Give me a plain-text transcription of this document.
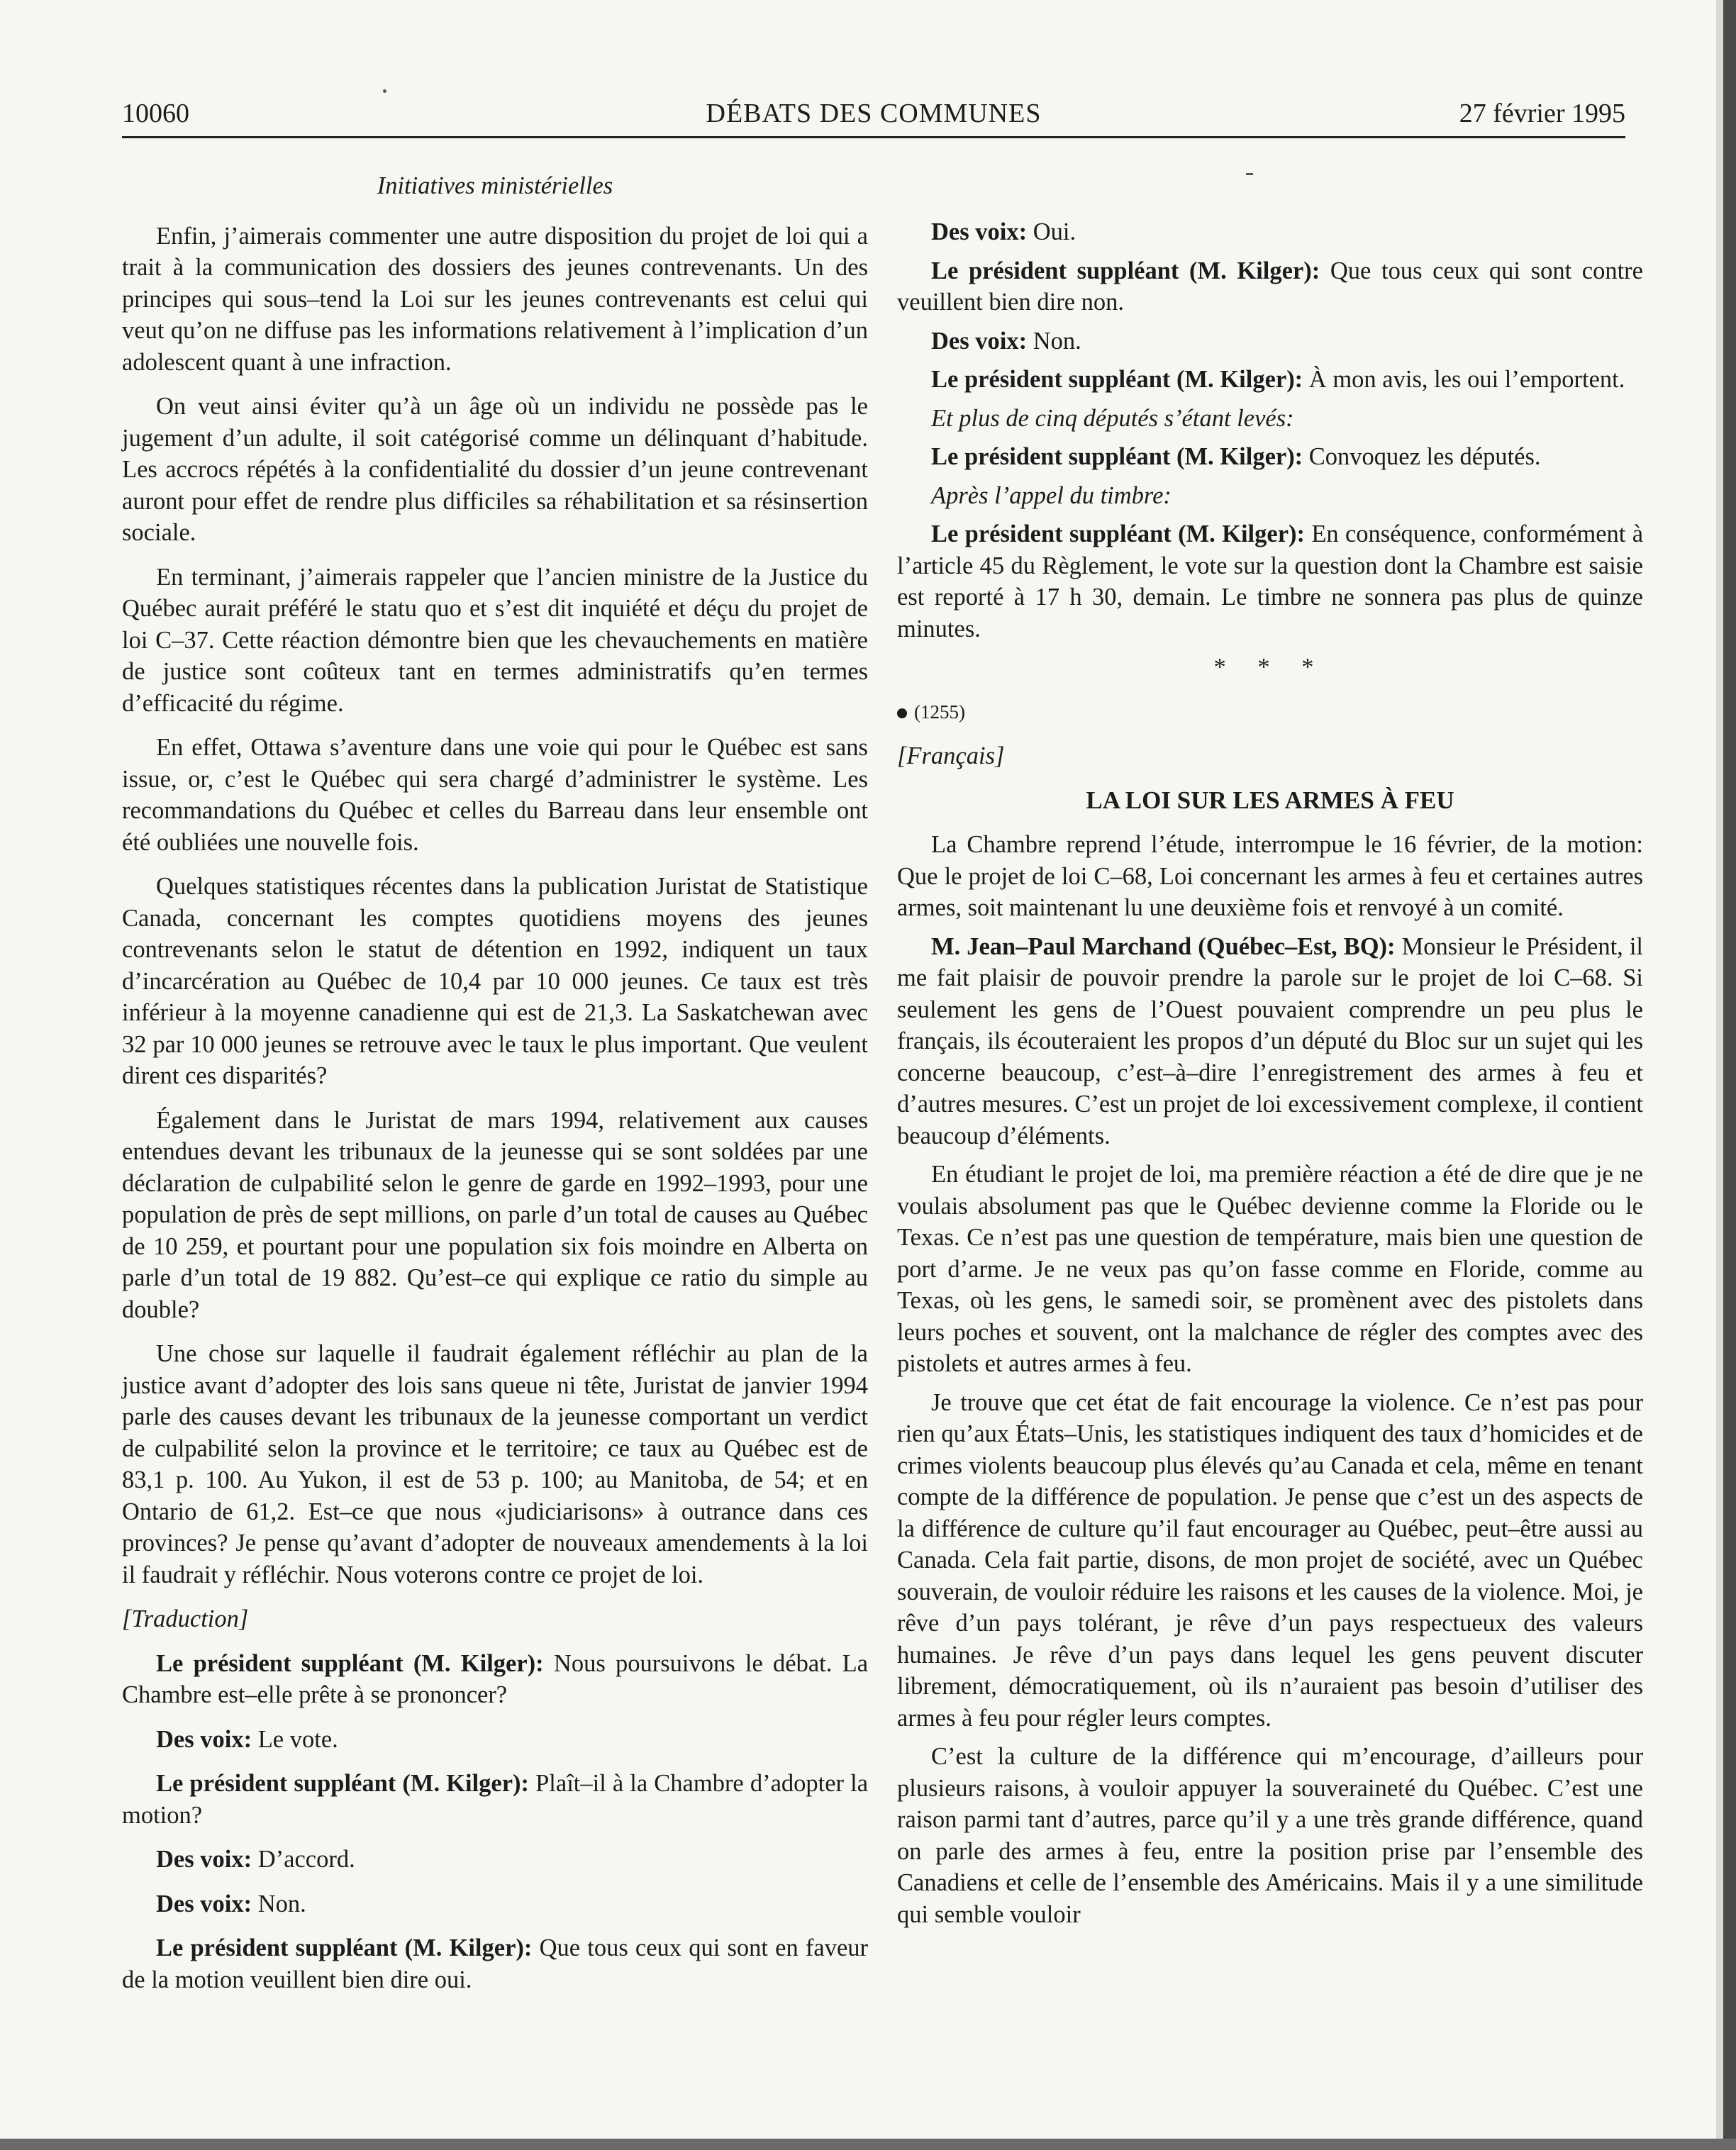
DÉBATS DES COMMUNES
10060	27 février 1995

Initiatives ministérielles

Enfin, j’aimerais commenter une autre disposition du projet de loi qui a trait à la communication des dossiers des jeunes contrevenants. Un des principes qui sous–tend la Loi sur les jeunes contrevenants est celui qui veut qu’on ne diffuse pas les informations relativement à l’implication d’un adolescent quant à une infraction.

On veut ainsi éviter qu’à un âge où un individu ne possède pas le jugement d’un adulte, il soit catégorisé comme un délinquant d’habitude. Les accrocs répétés à la confidentialité du dossier d’un jeune contrevenant auront pour effet de rendre plus difficiles sa réhabilitation et sa résinsertion sociale.

En terminant, j’aimerais rappeler que l’ancien ministre de la Justice du Québec aurait préféré le statu quo et s’est dit inquiété et déçu du projet de loi C–37. Cette réaction démontre bien que les chevauchements en matière de justice sont coûteux tant en termes administratifs qu’en termes d’efficacité du régime.

En effet, Ottawa s’aventure dans une voie qui pour le Québec est sans issue, or, c’est le Québec qui sera chargé d’administrer le système. Les recommandations du Québec et celles du Barreau dans leur ensemble ont été oubliées une nouvelle fois.

Quelques statistiques récentes dans la publication Juristat de Statistique Canada, concernant les comptes quotidiens moyens des jeunes contrevenants selon le statut de détention en 1992, indiquent un taux d’incarcération au Québec de 10,4 par 10 000 jeunes. Ce taux est très inférieur à la moyenne canadienne qui est de 21,3. La Saskatchewan avec 32 par 10 000 jeunes se retrouve avec le taux le plus important. Que veulent dirent ces disparités?

Également dans le Juristat de mars 1994, relativement aux causes entendues devant les tribunaux de la jeunesse qui se sont soldées par une déclaration de culpabilité selon le genre de garde en 1992–1993, pour une population de près de sept millions, on parle d’un total de causes au Québec de 10 259, et pourtant pour une population six fois moindre en Alberta on parle d’un total de 19 882. Qu’est–ce qui explique ce ratio du simple au double?

Une chose sur laquelle il faudrait également réfléchir au plan de la justice avant d’adopter des lois sans queue ni tête, Juristat de janvier 1994 parle des causes devant les tribunaux de la jeunesse comportant un verdict de culpabilité selon la province et le territoire; ce taux au Québec est de 83,1 p. 100. Au Yukon, il est de 53 p. 100; au Manitoba, de 54; et en Ontario de 61,2. Est–ce que nous «judiciarisons» à outrance dans ces provinces? Je pense qu’avant d’adopter de nouveaux amendements à la loi il faudrait y réfléchir. Nous voterons contre ce projet de loi.

[Traduction]

Le président suppléant (M. Kilger): Nous poursuivons le débat. La Chambre est–elle prête à se prononcer?

Des voix: Le vote.

Le président suppléant (M. Kilger): Plaît–il à la Chambre d’adopter la motion?

Des voix: D’accord.

Des voix: Non.

Le président suppléant (M. Kilger): Que tous ceux qui sont en faveur de la motion veuillent bien dire oui.

Des voix: Oui.

Le président suppléant (M. Kilger): Que tous ceux qui sont contre veuillent bien dire non.

Des voix: Non.

Le président suppléant (M. Kilger): À mon avis, les oui l’emportent.

Et plus de cinq députés s’étant levés:

Le président suppléant (M. Kilger): Convoquez les députés.

Après l’appel du timbre:

Le président suppléant (M. Kilger): En conséquence, conformément à l’article 45 du Règlement, le vote sur la question dont la Chambre est saisie est reporté à 17 h 30, demain. Le timbre ne sonnera pas plus de quinze minutes.

* * *

(1255)

[Français]

LA LOI SUR LES ARMES À FEU

La Chambre reprend l’étude, interrompue le 16 février, de la motion: Que le projet de loi C–68, Loi concernant les armes à feu et certaines autres armes, soit maintenant lu une deuxième fois et renvoyé à un comité.

M. Jean–Paul Marchand (Québec–Est, BQ): Monsieur le Président, il me fait plaisir de pouvoir prendre la parole sur le projet de loi C–68. Si seulement les gens de l’Ouest pouvaient comprendre un peu plus le français, ils écouteraient les propos d’un député du Bloc sur un sujet qui les concerne beaucoup, c’est–à–dire l’enregistrement des armes à feu et d’autres mesures. C’est un projet de loi excessivement complexe, il contient beaucoup d’éléments.

En étudiant le projet de loi, ma première réaction a été de dire que je ne voulais absolument pas que le Québec devienne comme la Floride ou le Texas. Ce n’est pas une question de température, mais bien une question de port d’arme. Je ne veux pas qu’on fasse comme en Floride, comme au Texas, où les gens, le samedi soir, se promènent avec des pistolets dans leurs poches et souvent, ont la malchance de régler des comptes avec des pistolets et autres armes à feu.

Je trouve que cet état de fait encourage la violence. Ce n’est pas pour rien qu’aux États–Unis, les statistiques indiquent des taux d’homicides et de crimes violents beaucoup plus élevés qu’au Canada et cela, même en tenant compte de la différence de population. Je pense que c’est un des aspects de la différence de culture qu’il faut encourager au Québec, peut–être aussi au Canada. Cela fait partie, disons, de mon projet de société, avec un Québec souverain, de vouloir réduire les raisons et les causes de la violence. Moi, je rêve d’un pays tolérant, je rêve d’un pays respectueux des valeurs humaines. Je rêve d’un pays dans lequel les gens peuvent discuter librement, démocratiquement, où ils n’auraient pas besoin d’utiliser des armes à feu pour régler leurs comptes.

C’est la culture de la différence qui m’encourage, d’ailleurs pour plusieurs raisons, à vouloir appuyer la souveraineté du Québec. C’est une raison parmi tant d’autres, parce qu’il y a une très grande différence, quand on parle des armes à feu, entre la position prise par l’ensemble des Canadiens et celle de l’ensemble des Américains. Mais il y a une similitude qui semble vouloir
